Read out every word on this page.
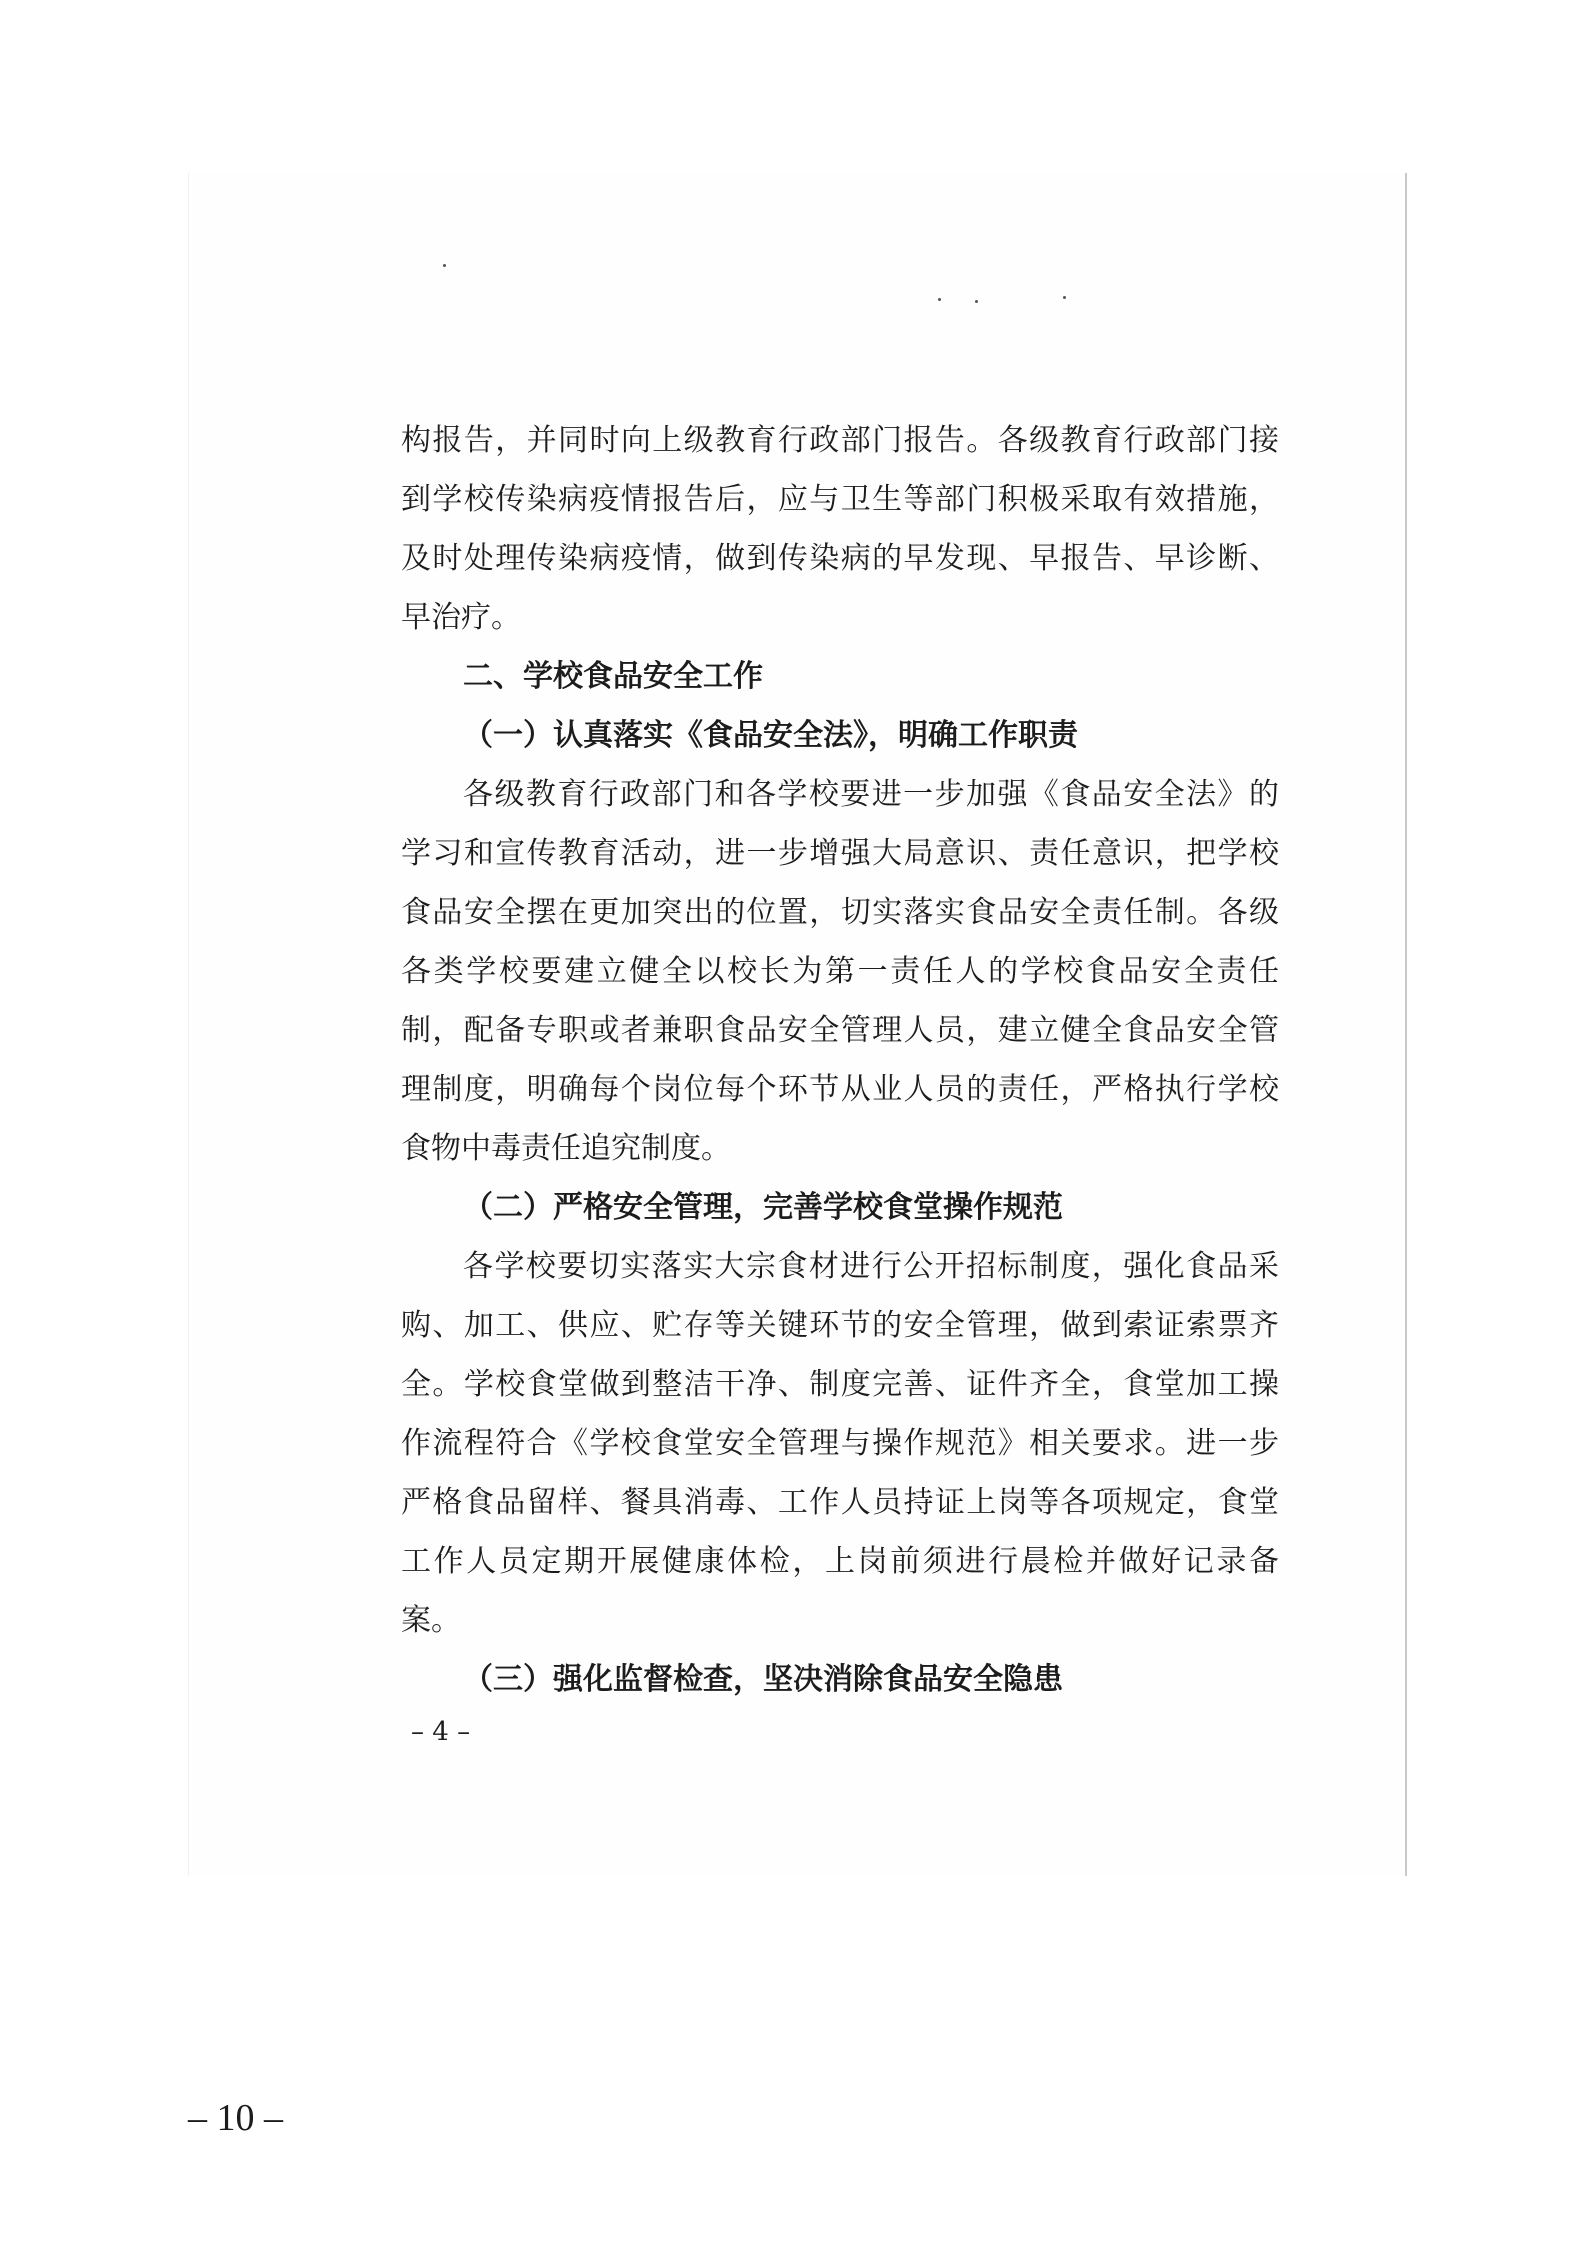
构报告，并同时向上级教育行政部门报告。各级教育行政部门接
到学校传染病疫情报告后，应与卫生等部门积极采取有效措施，
及时处理传染病疫情，做到传染病的早发现、早报告、早诊断、
早治疗。
二、学校食品安全工作
（一）认真落实《食品安全法》，明确工作职责
各级教育行政部门和各学校要进一步加强《食品安全法》的
学习和宣传教育活动，进一步增强大局意识、责任意识，把学校
食品安全摆在更加突出的位置，切实落实食品安全责任制。各级
各类学校要建立健全以校长为第一责任人的学校食品安全责任
制，配备专职或者兼职食品安全管理人员，建立健全食品安全管
理制度，明确每个岗位每个环节从业人员的责任，严格执行学校
食物中毒责任追究制度。
（二）严格安全管理，完善学校食堂操作规范
各学校要切实落实大宗食材进行公开招标制度，强化食品采
购、加工、供应、贮存等关键环节的安全管理，做到索证索票齐
全。学校食堂做到整洁干净、制度完善、证件齐全，食堂加工操
作流程符合《学校食堂安全管理与操作规范》相关要求。进一步
严格食品留样、餐具消毒、工作人员持证上岗等各项规定，食堂
工作人员定期开展健康体检，上岗前须进行晨检并做好记录备
案。
（三）强化监督检查，坚决消除食品安全隐患
– 4 –
– 10 –
